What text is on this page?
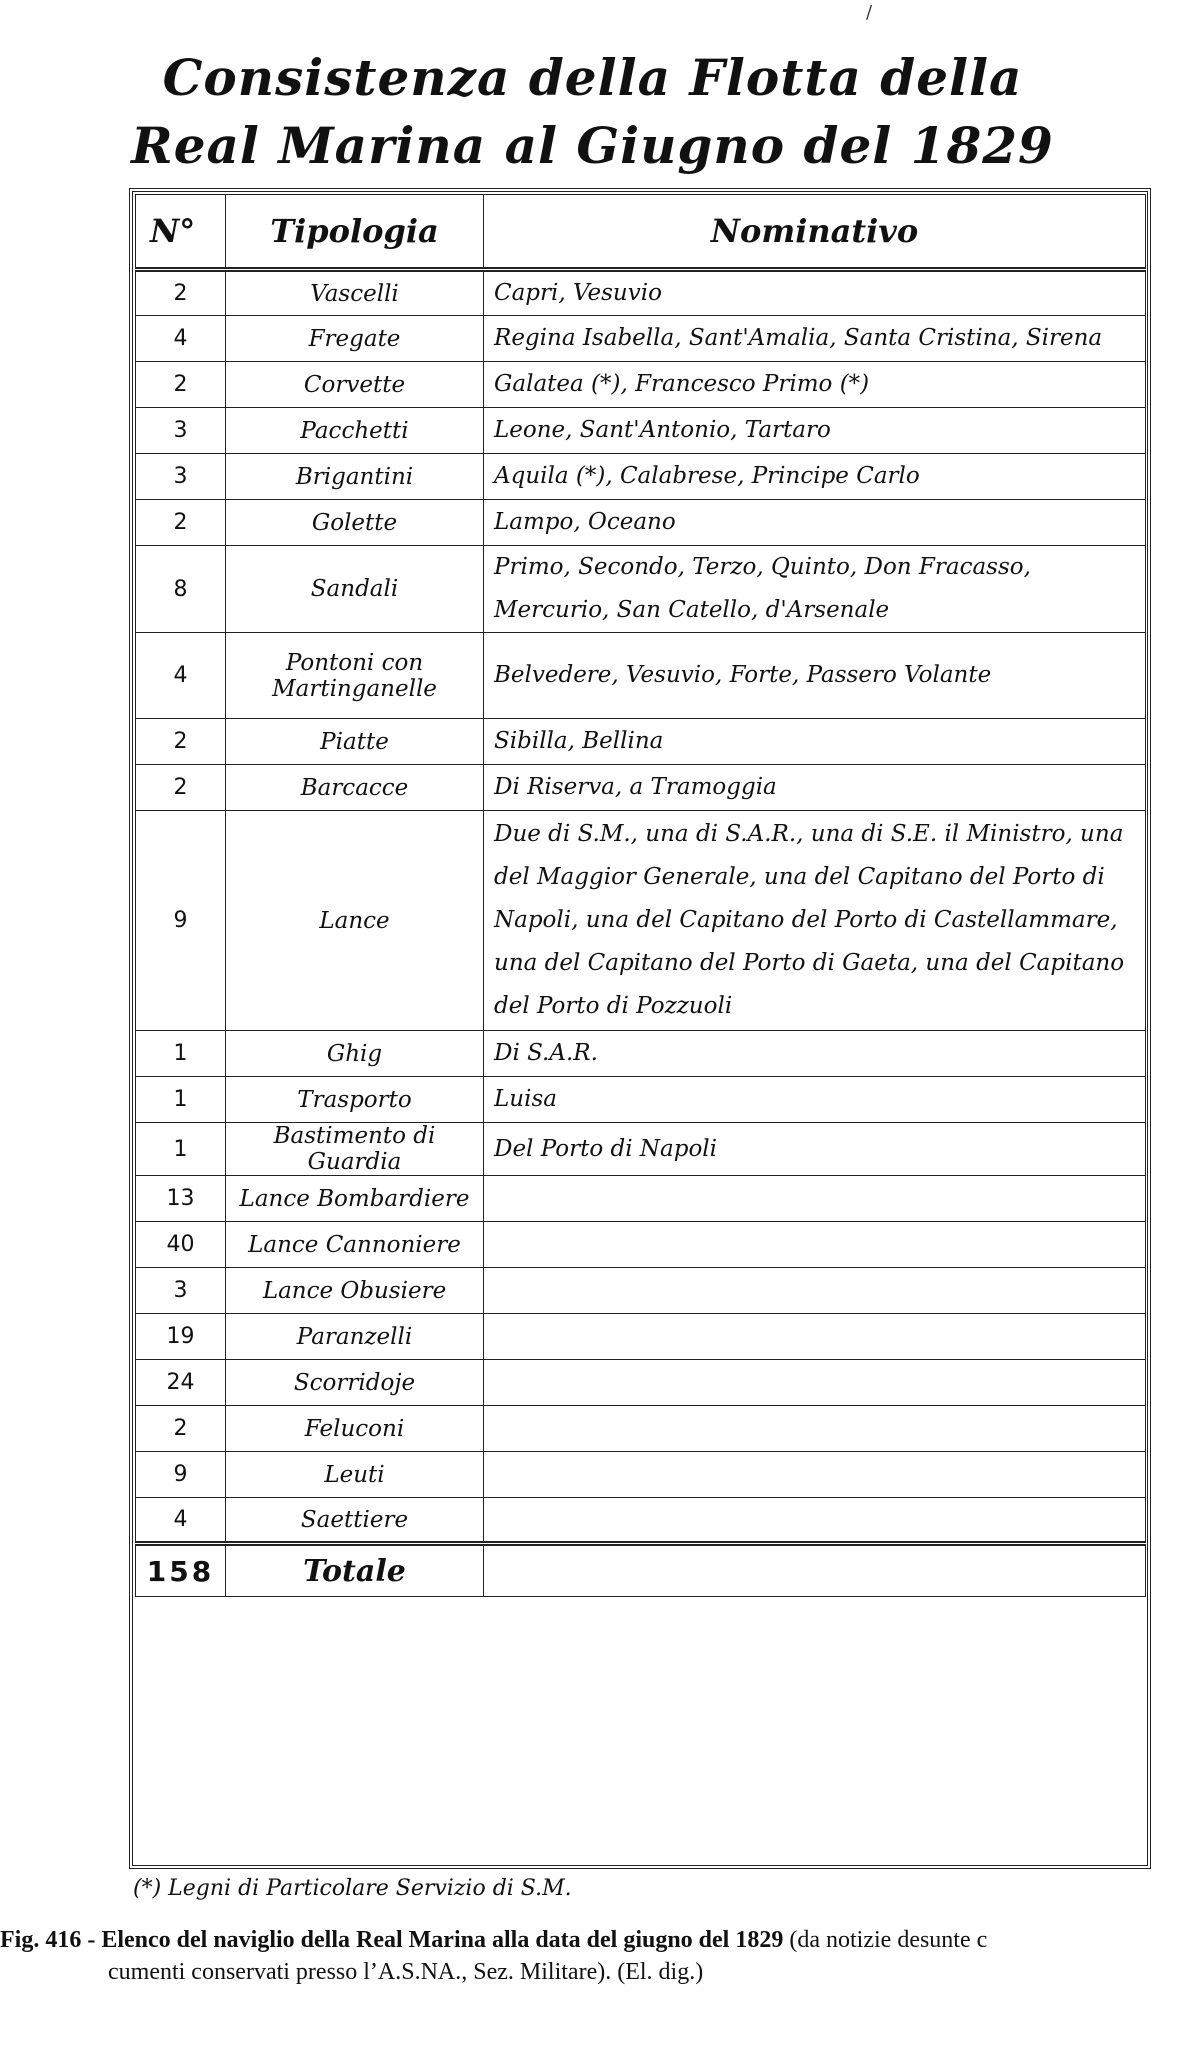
/
Consistenza della Flotta della
Real Marina al Giugno del 1829
N°	Tipologia	Nominativo
2	Vascelli	Capri, Vesuvio
4	Fregate	Regina Isabella, Sant'Amalia, Santa Cristina, Sirena
2	Corvette	Galatea (*), Francesco Primo (*)
3	Pacchetti	Leone, Sant'Antonio, Tartaro
3	Brigantini	Aquila (*), Calabrese, Principe Carlo
2	Golette	Lampo, Oceano
8	Sandali	Primo, Secondo, Terzo, Quinto, Don Fracasso, Mercurio, San Catello, d'Arsenale
4	Pontoni con Martinganelle	Belvedere, Vesuvio, Forte, Passero Volante
2	Piatte	Sibilla, Bellina
2	Barcacce	Di Riserva, a Tramoggia
9	Lance	Due di S.M., una di S.A.R., una di S.E. il Ministro, una del Maggior Generale, una del Capitano del Porto di Napoli, una del Capitano del Porto di Castellammare, una del Capitano del Porto di Gaeta, una del Capitano del Porto di Pozzuoli
1	Ghig	Di S.A.R.
1	Trasporto	Luisa
1	Bastimento di Guardia	Del Porto di Napoli
13	Lance Bombardiere	
40	Lance Cannoniere	
3	Lance Obusiere	
19	Paranzelli	
24	Scorridoje	
2	Feluconi	
9	Leuti	
4	Saettiere	
158	Totale	
(*) Legni di Particolare Servizio di S.M.
Fig. 416 - Elenco del naviglio della Real Marina alla data del giugno del 1829 (da notizie desunte c
cumenti conservati presso l’A.S.NA., Sez. Militare). (El. dig.)
